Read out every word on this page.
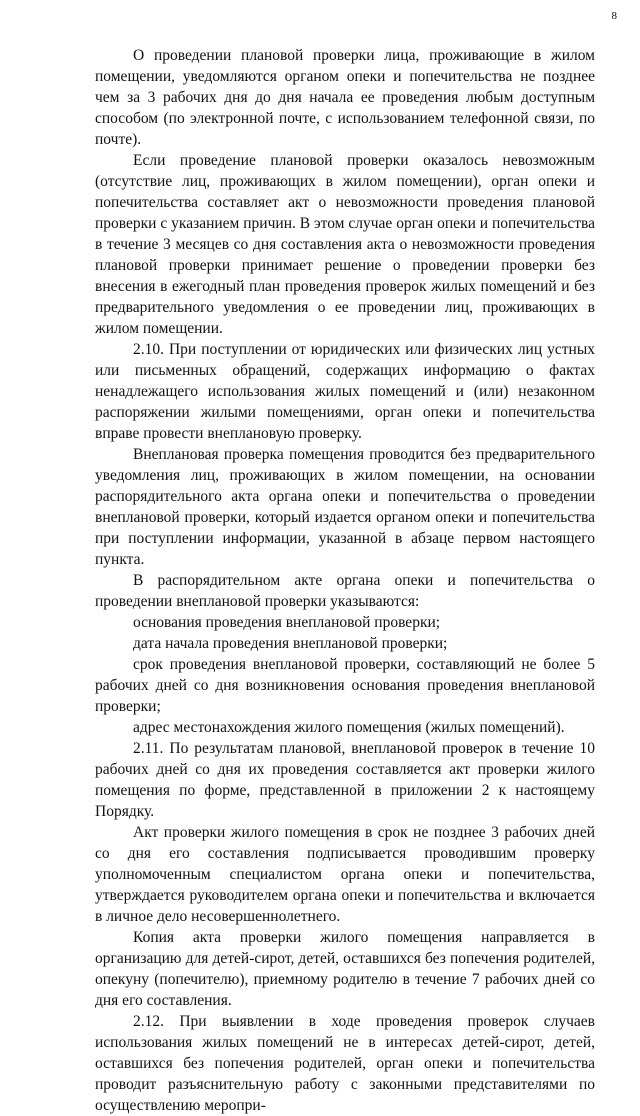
8

О проведении плановой проверки лица, проживающие в жилом помещении, уведомляются органом опеки и попечительства не позднее чем за 3 рабочих дня до дня начала ее проведения любым доступным способом (по электронной почте, с использованием телефонной связи, по почте).

Если проведение плановой проверки оказалось невозможным (отсутствие лиц, проживающих в жилом помещении), орган опеки и попечительства составляет акт о невозможности проведения плановой проверки с указанием причин. В этом случае орган опеки и попечительства в течение 3 месяцев со дня составления акта о невозможности проведения плановой проверки принимает решение о проведении проверки без внесения в ежегодный план проведения проверок жилых помещений и без предварительного уведомления о ее проведении лиц, проживающих в жилом помещении.

2.10. При поступлении от юридических или физических лиц устных или письменных обращений, содержащих информацию о фактах ненадлежащего использования жилых помещений и (или) незаконном распоряжении жилыми помещениями, орган опеки и попечительства вправе провести внеплановую проверку.

Внеплановая проверка помещения проводится без предварительного уведомления лиц, проживающих в жилом помещении, на основании распорядительного акта органа опеки и попечительства о проведении внеплановой проверки, который издается органом опеки и попечительства при поступлении информации, указанной в абзаце первом настоящего пункта.

В распорядительном акте органа опеки и попечительства о проведении внеплановой проверки указываются:

основания проведения внеплановой проверки;

дата начала проведения внеплановой проверки;

срок проведения внеплановой проверки, составляющий не более 5 рабочих дней со дня возникновения основания проведения внеплановой проверки;

адрес местонахождения жилого помещения (жилых помещений).

2.11. По результатам плановой, внеплановой проверок в течение 10 рабочих дней со дня их проведения составляется акт проверки жилого помещения по форме, представленной в приложении 2 к настоящему Порядку.

Акт проверки жилого помещения в срок не позднее 3 рабочих дней со дня его составления подписывается проводившим проверку уполномоченным специалистом органа опеки и попечительства, утверждается руководителем органа опеки и попечительства и включается в личное дело несовершеннолетнего.

Копия акта проверки жилого помещения направляется в организацию для детей-сирот, детей, оставшихся без попечения родителей, опекуну (попечителю), приемному родителю в течение 7 рабочих дней со дня его составления.

2.12. При выявлении в ходе проведения проверок случаев использования жилых помещений не в интересах детей-сирот, детей, оставшихся без попечения родителей, орган опеки и попечительства проводит разъяснительную работу с законными представителями по осуществлению меропри-
